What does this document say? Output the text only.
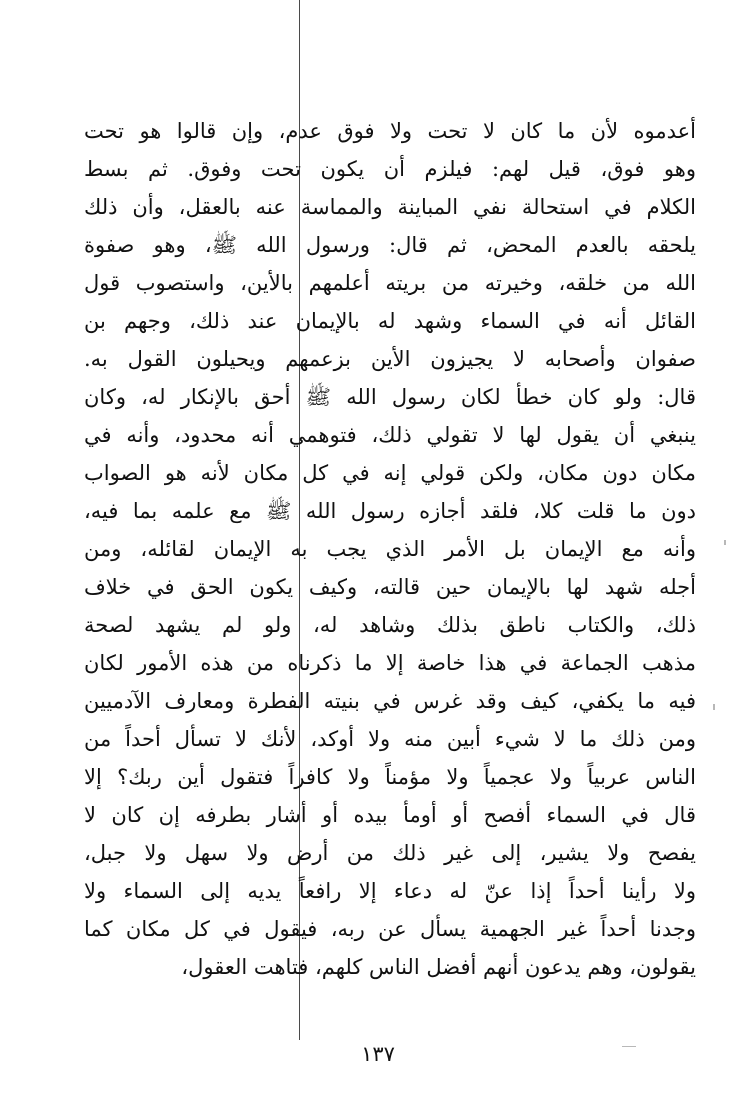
أعدموه لأن ما كان لا تحت ولا فوق عدم، وإن قالوا هو تحت
وهو فوق، قيل لهم: فيلزم أن يكون تحت وفوق. ثم بسط
الكلام في استحالة نفي المباينة والمماسة عنه بالعقل، وأن ذلك
يلحقه بالعدم المحض، ثم قال: ورسول الله ﷺ، وهو صفوة
الله من خلقه، وخيرته من بريته أعلمهم بالأين، واستصوب قول
القائل أنه في السماء وشهد له بالإيمان عند ذلك، وجهم بن
صفوان وأصحابه لا يجيزون الأين بزعمهم ويحيلون القول به.
قال: ولو كان خطأ لكان رسول الله ﷺ أحق بالإنكار له، وكان
ينبغي أن يقول لها لا تقولي ذلك، فتوهمي أنه محدود، وأنه في
مكان دون مكان، ولكن قولي إنه في كل مكان لأنه هو الصواب
دون ما قلت كلا، فلقد أجازه رسول الله ﷺ مع علمه بما فيه،
وأنه مع الإيمان بل الأمر الذي يجب به الإيمان لقائله، ومن
أجله شهد لها بالإيمان حين قالته، وكيف يكون الحق في خلاف
ذلك، والكتاب ناطق بذلك وشاهد له، ولو لم يشهد لصحة
مذهب الجماعة في هذا خاصة إلا ما ذكرناه من هذه الأمور لكان
فيه ما يكفي، كيف وقد غرس في بنيته الفطرة ومعارف الآدميين
ومن ذلك ما لا شيء أبين منه ولا أوكد، لأنك لا تسأل أحداً من
الناس عربياً ولا عجمياً ولا مؤمناً ولا كافراً فتقول أين ربك؟ إلا
قال في السماء أفصح أو أومأ بيده أو أشار بطرفه إن كان لا
يفصح ولا يشير، إلى غير ذلك من أرض ولا سهل ولا جبل،
ولا رأينا أحداً إذا عنّ له دعاء إلا رافعاً يديه إلى السماء ولا
وجدنا أحداً غير الجهمية يسأل عن ربه، فيقول في كل مكان كما
يقولون، وهم يدعون أنهم أفضل الناس كلهم، فتاهت العقول،
١٣٧
